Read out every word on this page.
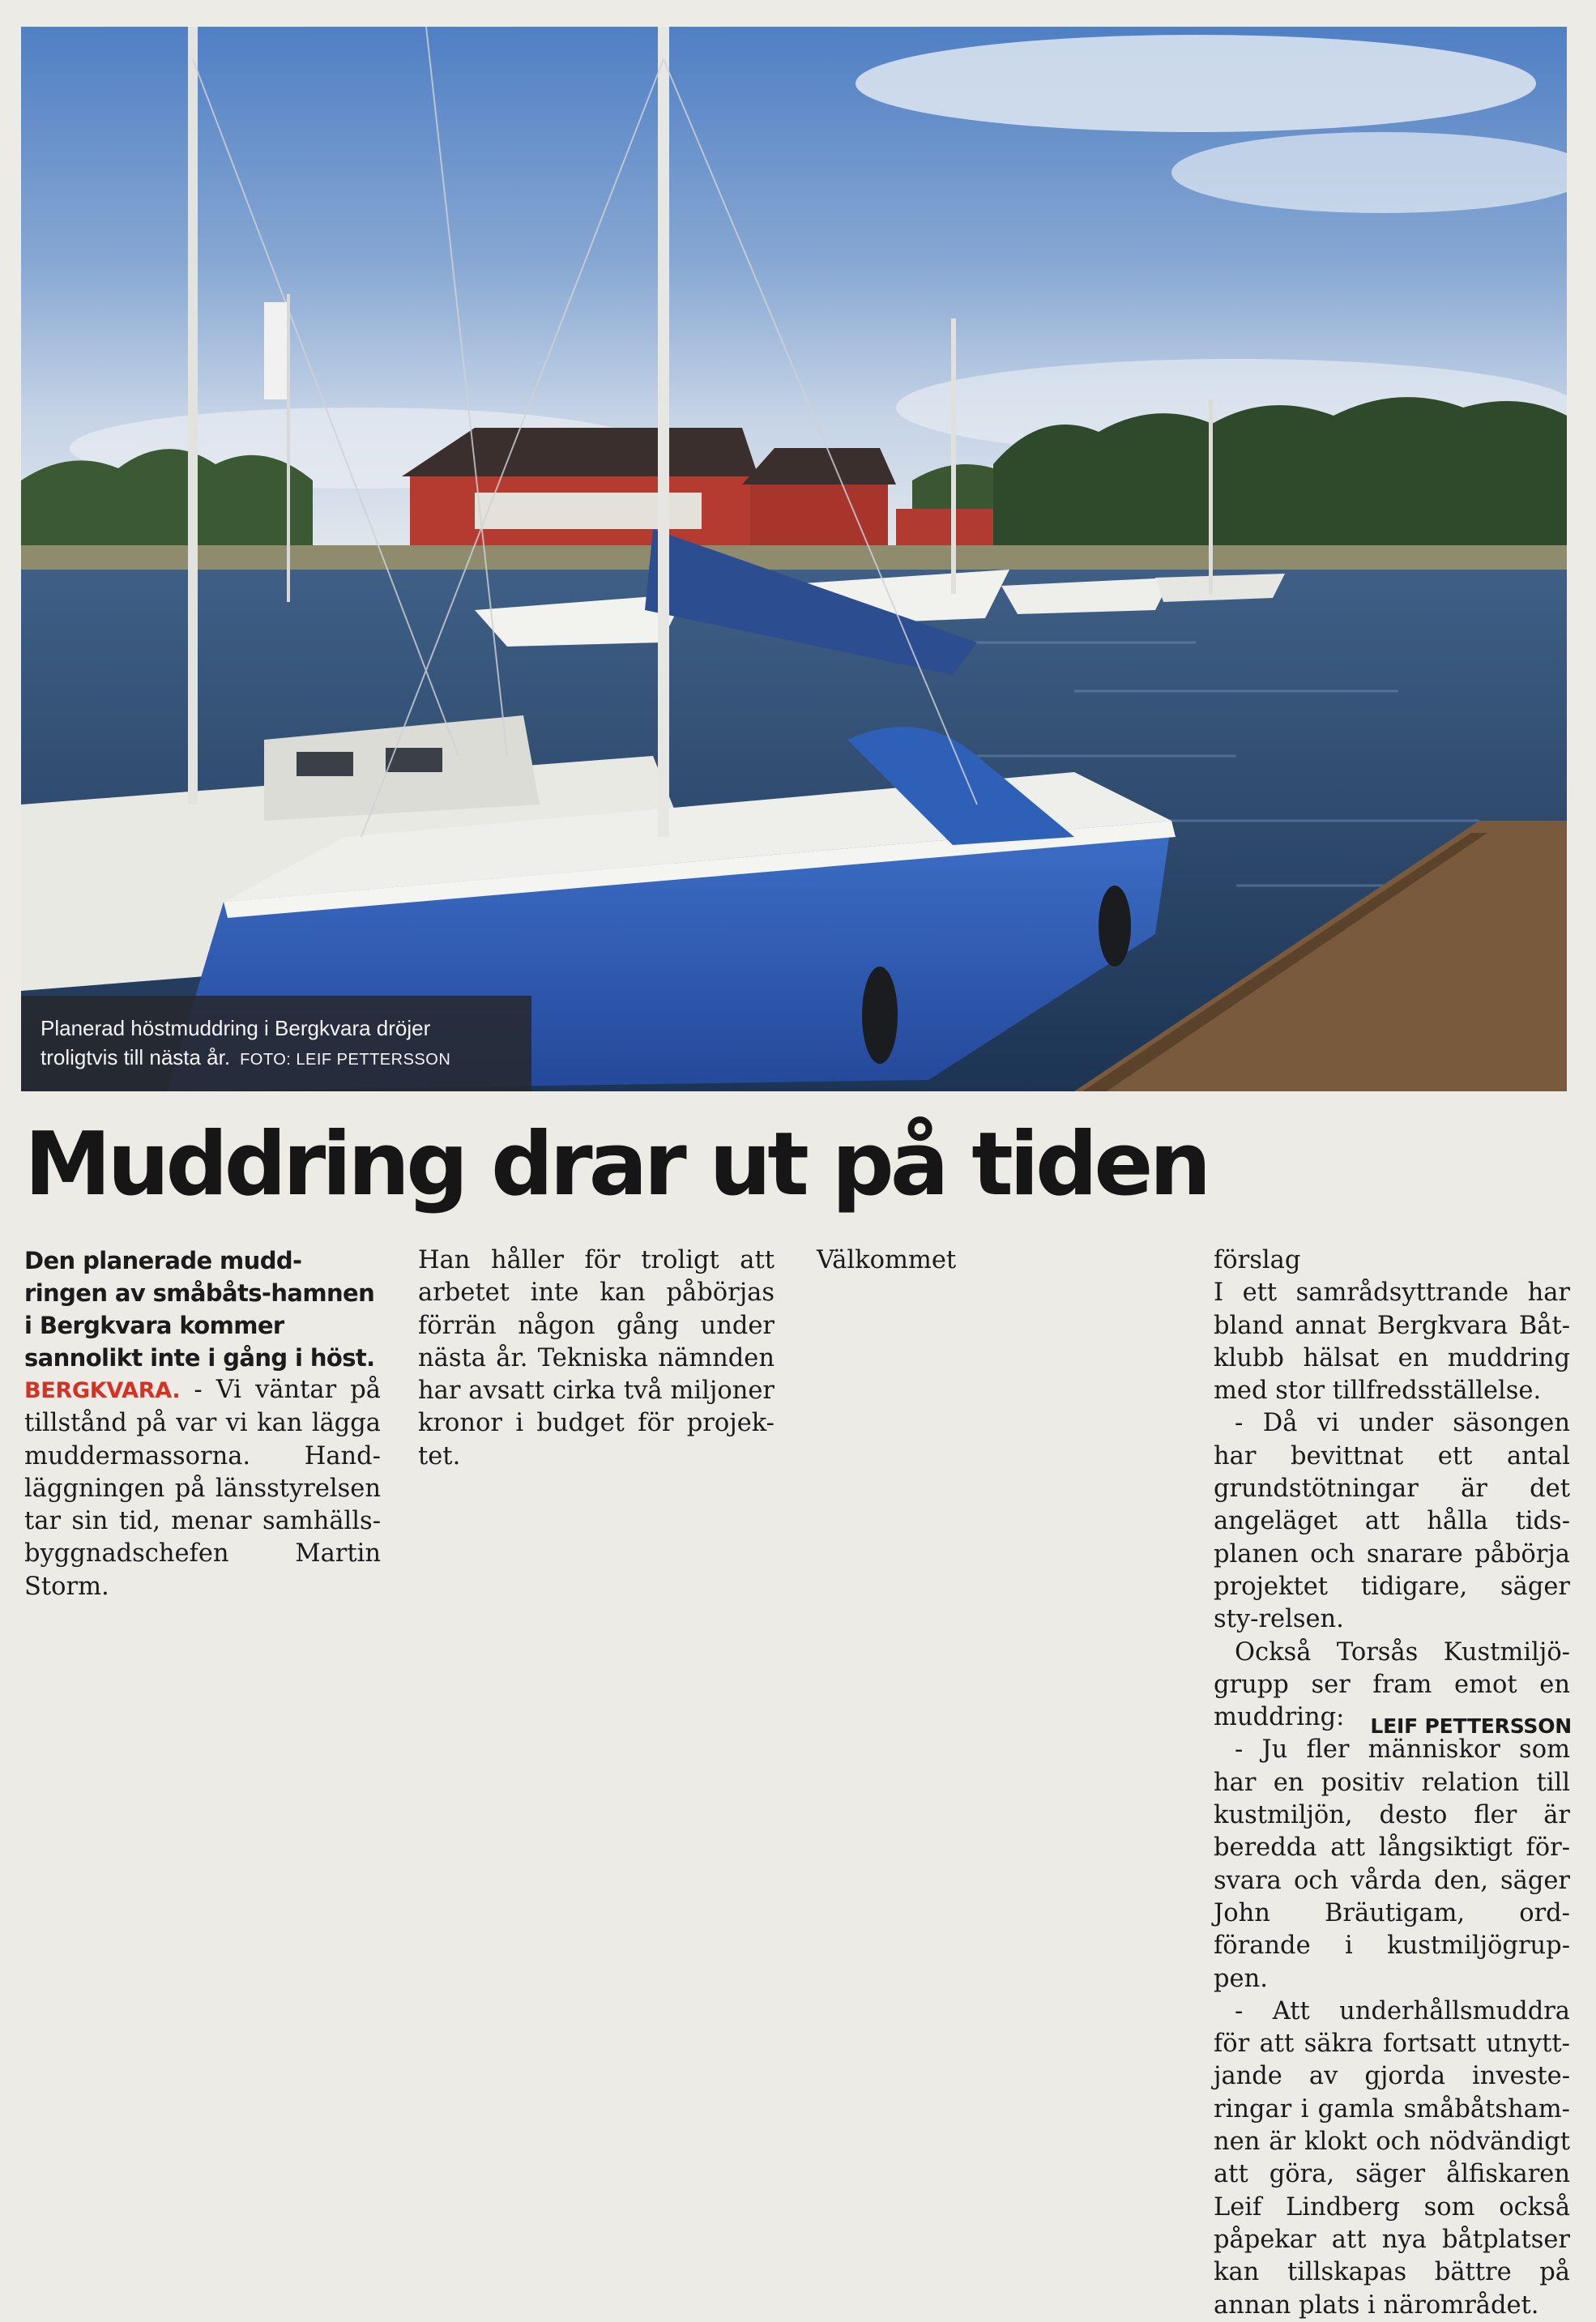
Planerad höstmuddring i Bergkvara dröjer
troligtvis till nästa år. FOTO: LEIF PETTERSSON
Muddring drar ut på tiden

Den planerade mudd-ringen av småbåts-hamnen i Bergkvara kommer sannolikt inte i gång i höst.

BERGKVARA. - Vi väntar på tillstånd på var vi kan lägga muddermassorna. Hand-läggningen på länsstyrelsen tar sin tid, menar samhälls-byggnadschefen Martin Storm.

Han håller för troligt att arbetet inte kan påbörjas förrän någon gång under nästa år. Tekniska nämnden har avsatt cirka två miljoner kronor i budget för projek-tet.

Välkommet	förslag

I ett samrådsyttrande har bland annat Bergkvara Båt-klubb hälsat en muddring med stor tillfredsställelse.

- Då vi under säsongen har bevittnat ett antal grundstötningar är det angeläget att hålla tids-planen och snarare påbörja projektet tidigare, säger sty-relsen.

Också Torsås Kustmiljö-grupp ser fram emot en muddring:

- Ju fler människor som har en positiv relation till kustmiljön, desto fler är beredda att långsiktigt för-svara och vårda den, säger John Bräutigam, ord-förande i kustmiljögrup-pen.

- Att underhållsmuddra för att säkra fortsatt utnytt-jande av gjorda investe-ringar i gamla småbåtsham-nen är klokt och nödvändigt att göra, säger ålfiskaren Leif Lindberg som också påpekar att nya båtplatser kan tillskapas bättre på annan plats i närområdet.

LEIF PETTERSSON
